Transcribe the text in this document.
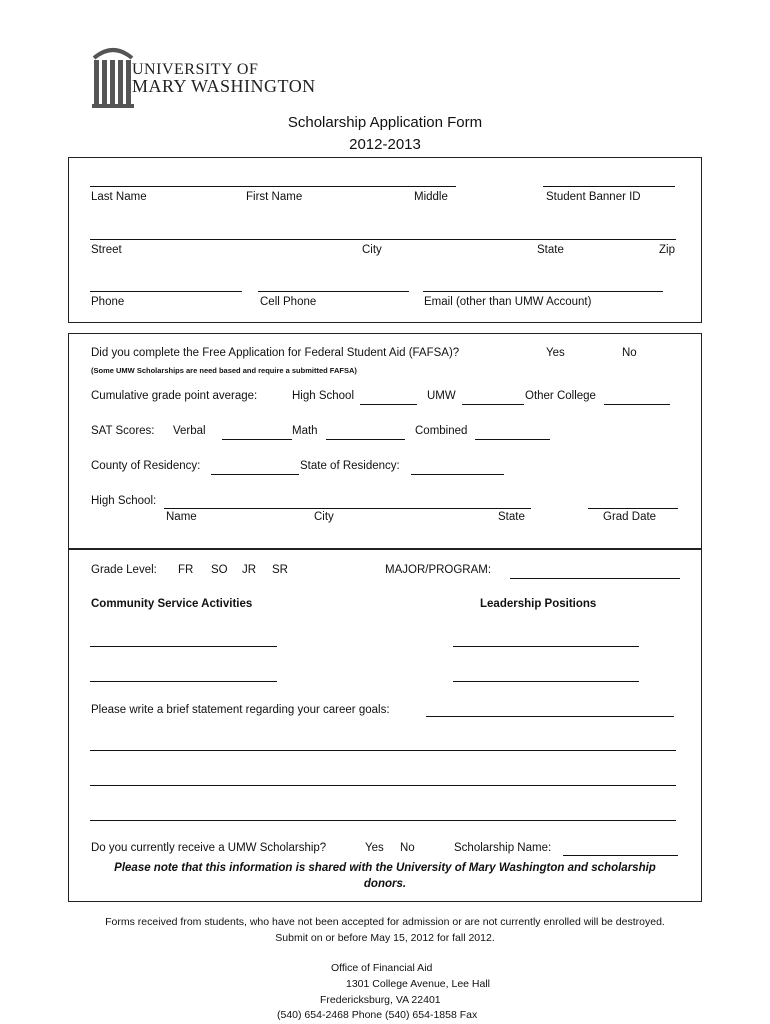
UNIVERSITY OF
MARY WASHINGTON
Scholarship Application Form
2012-2013
Last Name	First Name	Middle	Student Banner ID
Street	City	State	Zip
Phone	Cell Phone	Email (other than UMW Account)
Did you complete the Free Application for Federal Student Aid (FAFSA)?	Yes	No
(Some UMW Scholarships are need based and require a submitted FAFSA)
Cumulative grade point average:	High School	UMW	Other College
SAT Scores: Verbal	Math	Combined
County of Residency:	State of Residency:
High School:
Name	City	State	Grad Date
Grade Level: FR SO JR SR	MAJOR/PROGRAM:
Community Service Activities	Leadership Positions
Please write a brief statement regarding your career goals:
Do you currently receive a UMW Scholarship?	Yes No	Scholarship Name:
Please note that this information is shared with the University of Mary Washington and scholarship donors.
Forms received from students, who have not been accepted for admission or are not currently enrolled will be destroyed. Submit on or before May 15, 2012 for fall 2012.
Office of Financial Aid
1301 College Avenue, Lee Hall
Fredericksburg, VA 22401
(540) 654-2468 Phone (540) 654-1858 Fax
